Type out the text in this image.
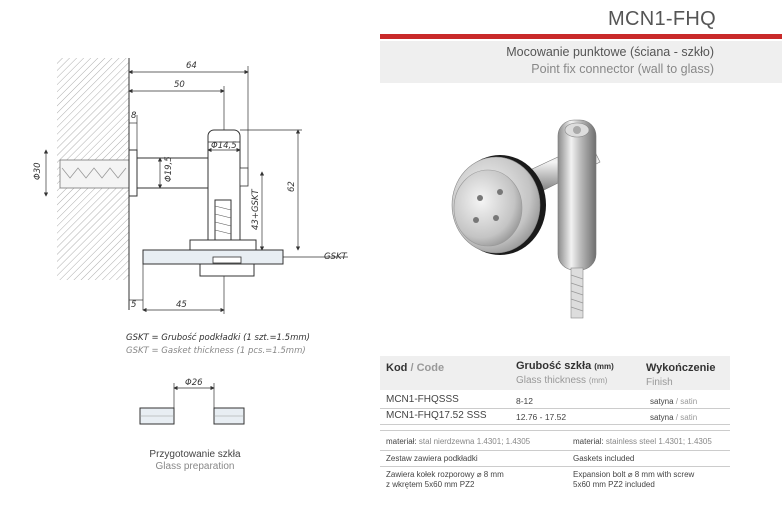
MCN1-FHQ
Mocowanie punktowe (ściana - szkło)
Point fix connector (wall to glass)
64
50
8
Φ30	Φ19,5
Φ14,5
62
43+GSKT
GSKT
5	45
GSKT = Grubość podkładki (1 szt.=1.5mm)
GSKT = Gasket thickness (1 pcs.=1.5mm)
Φ26
Przygotowanie szkła
Glass preparation
Kod / Code	Grubość szkła (mm)
Glass thickness (mm)
Wykończenie
Finish
MCN1-FHQSSS	8-12	satyna / satin
MCN1-FHQ17.52 SSS	12.76 - 17.52	satyna / satin
materiał: stal nierdzewna 1.4301; 1.4305	material: stainless steel 1.4301; 1.4305
Zestaw zawiera podkładki	Gaskets included
Zawiera kołek rozporowy ⌀ 8 mm
z wkrętem 5x60 mm PZ2
Expansion bolt ⌀ 8 mm with screw
5x60 mm PZ2 included
